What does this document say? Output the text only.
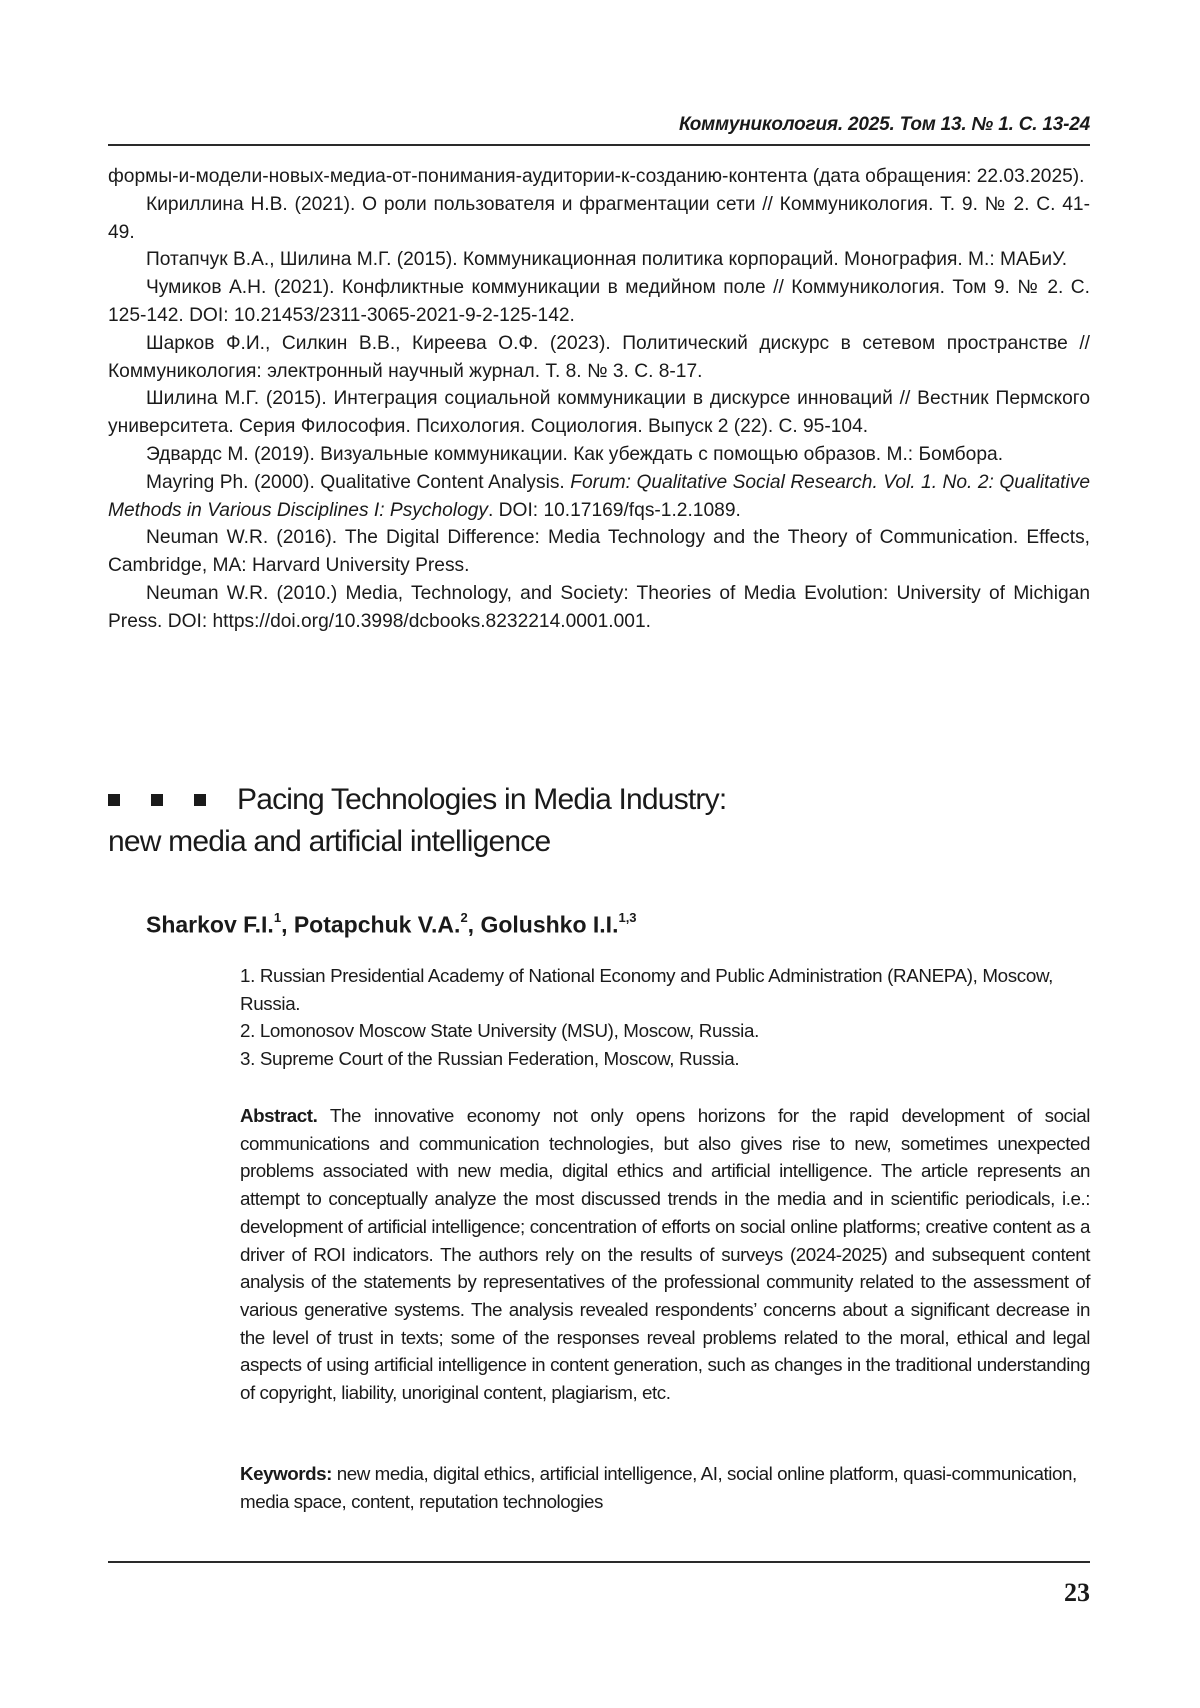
Коммуникология. 2025. Том 13. № 1. С. 13-24

формы-и-модели-новых-медиа-от-понимания-аудитории-к-созданию-контента (дата обращения: 22.03.2025).

Кириллина Н.В. (2021). О роли пользователя и фрагментации сети // Коммуникология. Т. 9. № 2. С. 41-49.

Потапчук В.А., Шилина М.Г. (2015). Коммуникационная политика корпораций. Монография. М.: МАБиУ.

Чумиков А.Н. (2021). Конфликтные коммуникации в медийном поле // Коммуникология. Том 9. № 2. С. 125-142. DOI: 10.21453/2311-3065-2021-9-2-125-142.

Шарков Ф.И., Силкин В.В., Киреева О.Ф. (2023). Политический дискурс в сетевом пространстве // Коммуникология: электронный научный журнал. Т. 8. № 3. С. 8-17.

Шилина М.Г. (2015). Интеграция социальной коммуникации в дискурсе инноваций // Вестник Пермского университета. Серия Философия. Психология. Социология. Выпуск 2 (22). С. 95-104.

Эдвардс М. (2019). Визуальные коммуникации. Как убеждать с помощью образов. М.: Бомбора.

Mayring Ph. (2000). Qualitative Content Analysis. Forum: Qualitative Social Research. Vol. 1. No. 2: Qualitative Methods in Various Disciplines I: Psychology. DOI: 10.17169/fqs-1.2.1089.

Neuman W.R. (2016). The Digital Difference: Media Technology and the Theory of Communication. Effects, Cambridge, MA: Harvard University Press.

Neuman W.R. (2010.) Media, Technology, and Society: Theories of Media Evolution: University of Michigan Press. DOI: https://doi.org/10.3998/dcbooks.8232214.0001.001.

Pacing Technologies in Media Industry:
new media and artificial intelligence
Sharkov F.I.$^1$, Potapchuk V.A.$^2$, Golushko I.I.$^{1,3}$

1. Russian Presidential Academy of National Economy and Public Administration (RANEPA), Moscow, Russia.

2. Lomonosov Moscow State University (MSU), Moscow, Russia.

3. Supreme Court of the Russian Federation, Moscow, Russia.

Abstract. The innovative economy not only opens horizons for the rapid development of social communications and communication technologies, but also gives rise to new, sometimes unexpected problems associated with new media, digital ethics and artificial intelligence. The article represents an attempt to conceptually analyze the most discussed trends in the media and in scientific periodicals, i.e.: development of artificial intelligence; concentration of efforts on social online platforms; creative content as a driver of ROI indicators. The authors rely on the results of surveys (2024-2025) and subsequent content analysis of the statements by representatives of the professional community related to the assessment of various generative systems. The analysis revealed respondents’ concerns about a significant decrease in the level of trust in texts; some of the responses reveal problems related to the moral, ethical and legal aspects of using artificial intelligence in content generation, such as changes in the traditional understanding of copyright, liability, unoriginal content, plagiarism, etc.
Keywords: new media, digital ethics, artificial intelligence, AI, social online platform, quasi-communication, media space, content, reputation technologies
23
